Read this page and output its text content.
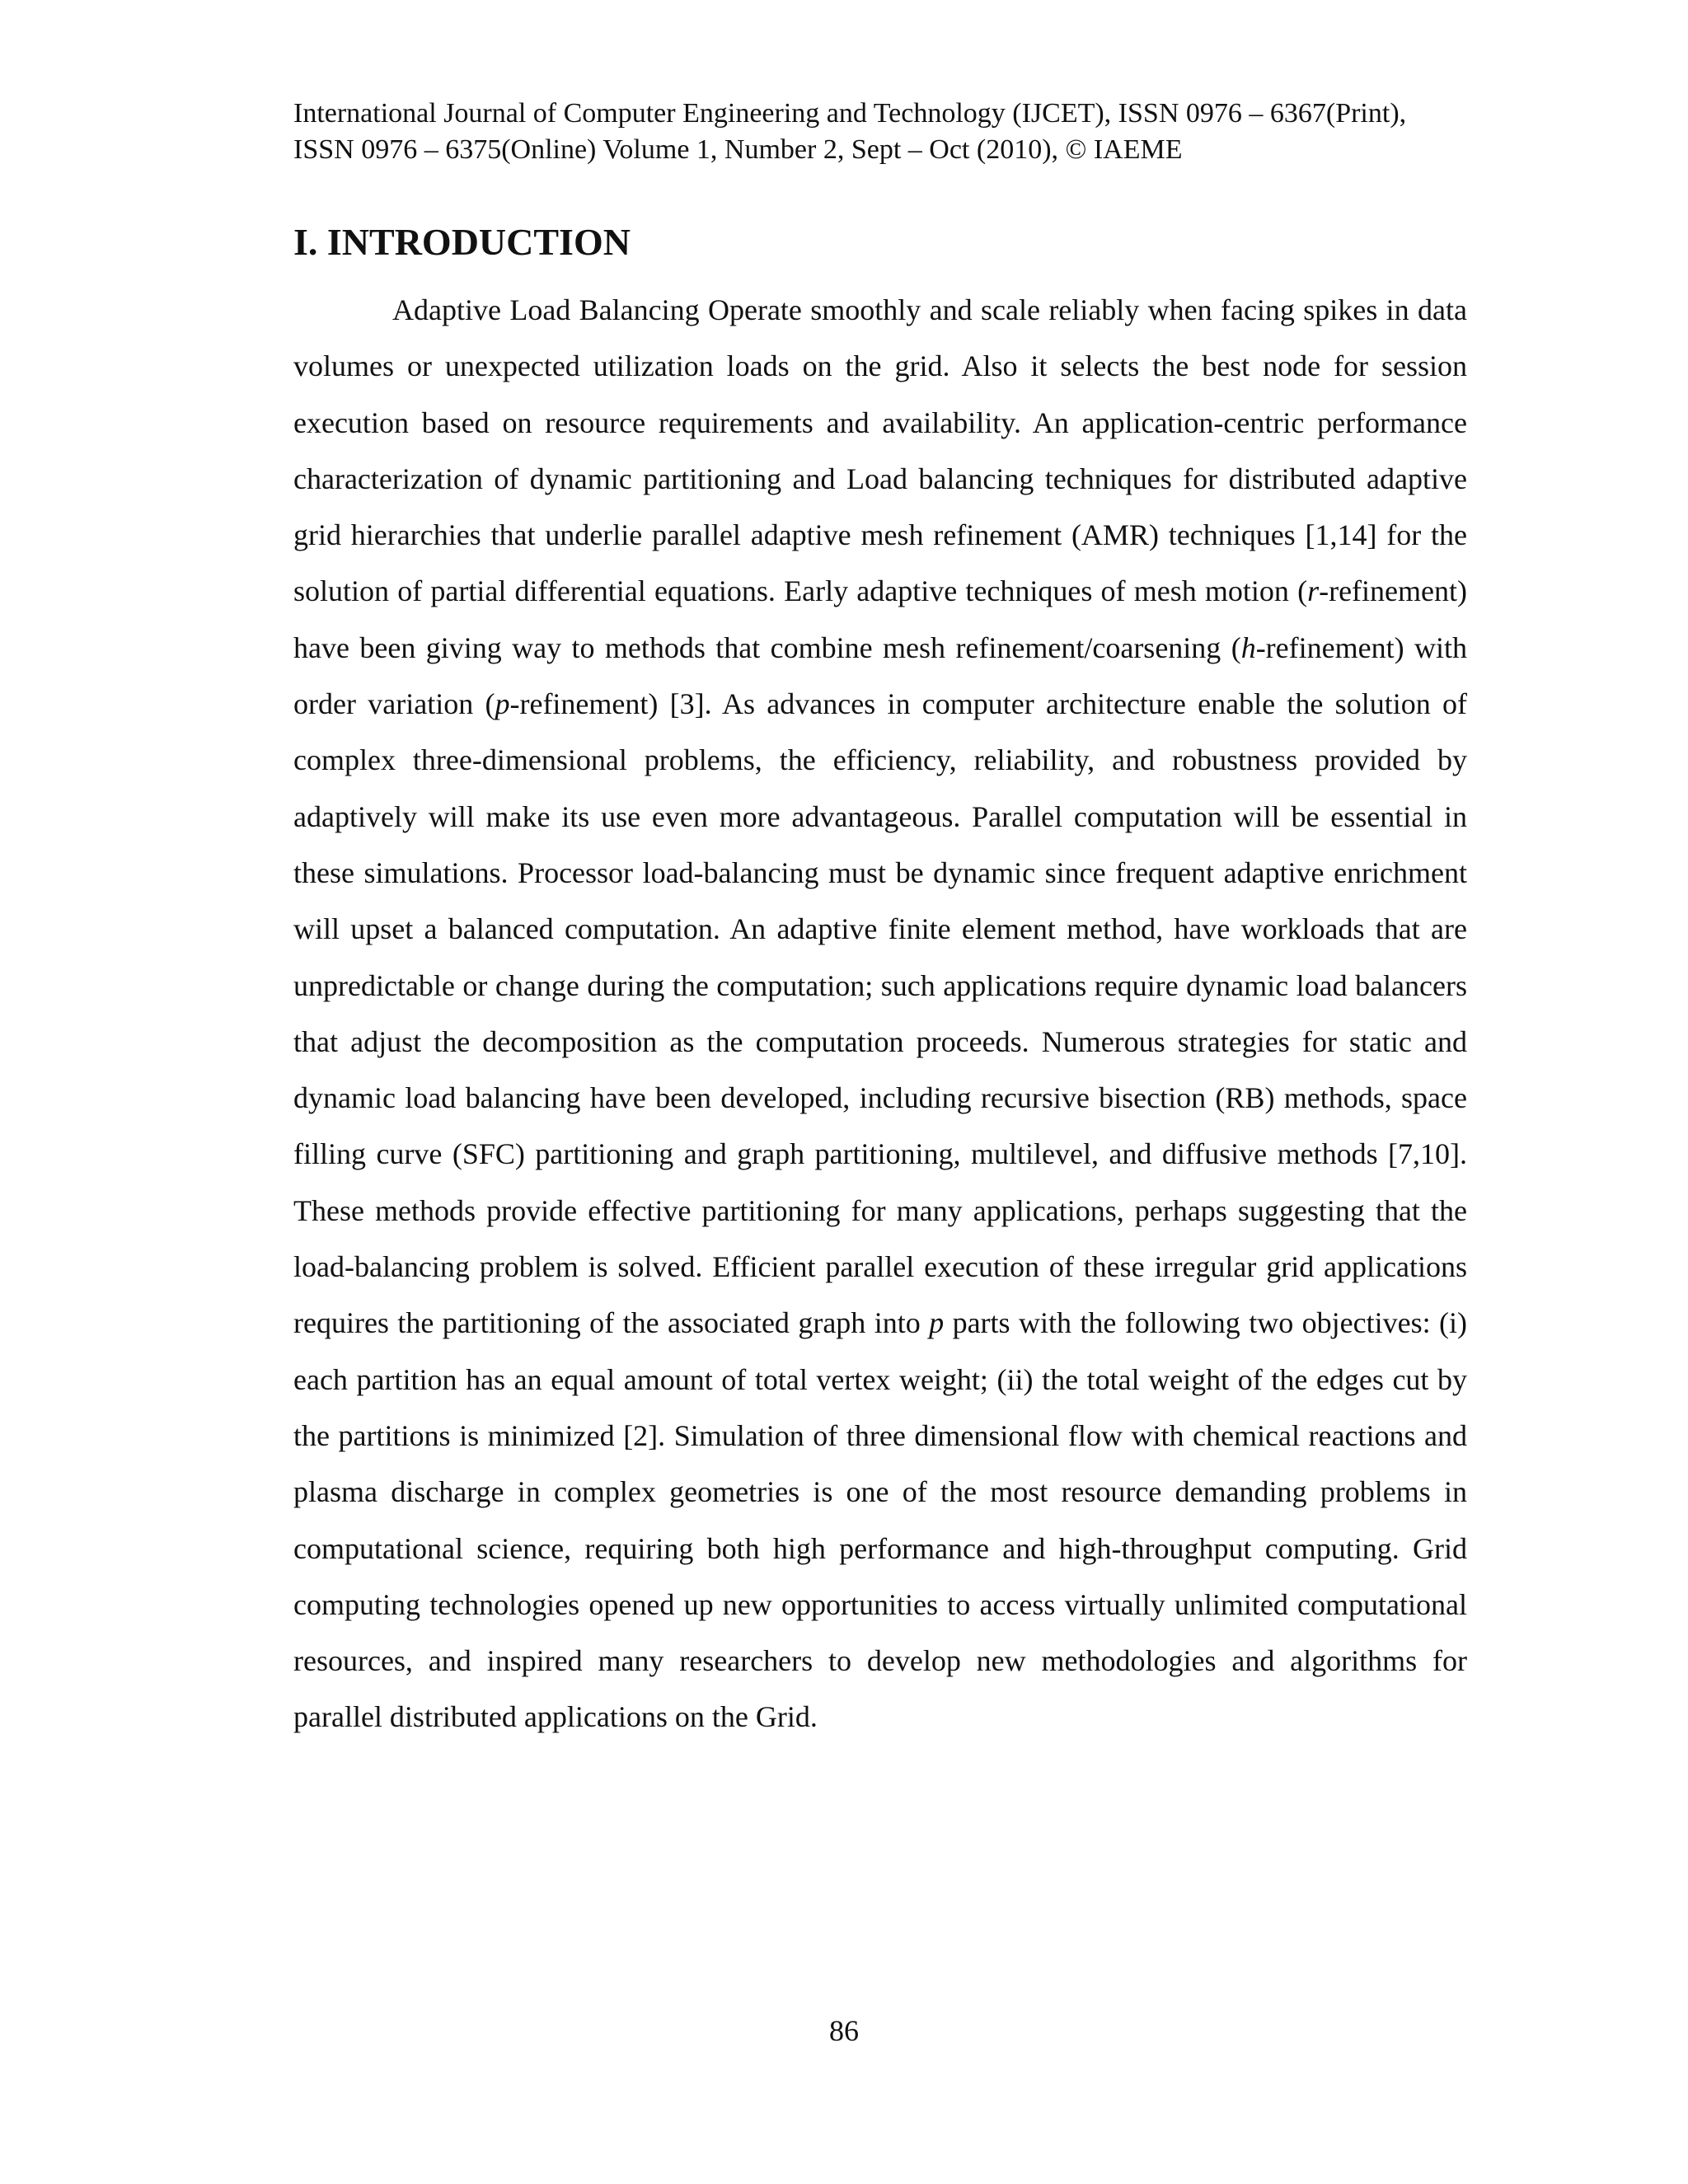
International Journal of Computer Engineering and Technology (IJCET), ISSN 0976 – 6367(Print),
ISSN 0976 – 6375(Online) Volume 1, Number 2, Sept – Oct (2010), © IAEME
I. INTRODUCTION

Adaptive Load Balancing Operate smoothly and scale reliably when facing spikes in data volumes or unexpected utilization loads on the grid. Also it selects the best node for session execution based on resource requirements and availability. An application-centric performance characterization of dynamic partitioning and Load balancing techniques for distributed adaptive grid hierarchies that underlie parallel adaptive mesh refinement (AMR) techniques [1,14] for the solution of partial differential equations. Early adaptive techniques of mesh motion (r-refinement) have been giving way to methods that combine mesh refinement/coarsening (h-refinement) with order variation (p-refinement) [3]. As advances in computer architecture enable the solution of complex three-dimensional problems, the efficiency, reliability, and robustness provided by adaptively will make its use even more advantageous. Parallel computation will be essential in these simulations. Processor load-balancing must be dynamic since frequent adaptive enrichment will upset a balanced computation. An adaptive finite element method, have workloads that are unpredictable or change during the computation; such applications require dynamic load balancers that adjust the decomposition as the computation proceeds. Numerous strategies for static and dynamic load balancing have been developed, including recursive bisection (RB) methods, space filling curve (SFC) partitioning and graph partitioning, multilevel, and diffusive methods [7,10]. These methods provide effective partitioning for many applications, perhaps suggesting that the load-balancing problem is solved. Efficient parallel execution of these irregular grid applications requires the partitioning of the associated graph into p parts with the following two objectives: (i) each partition has an equal amount of total vertex weight; (ii) the total weight of the edges cut by the partitions is minimized [2]. Simulation of three dimensional flow with chemical reactions and plasma discharge in complex geometries is one of the most resource demanding problems in computational science, requiring both high performance and high-throughput computing. Grid computing technologies opened up new opportunities to access virtually unlimited computational resources, and inspired many researchers to develop new methodologies and algorithms for parallel distributed applications on the Grid.

86
